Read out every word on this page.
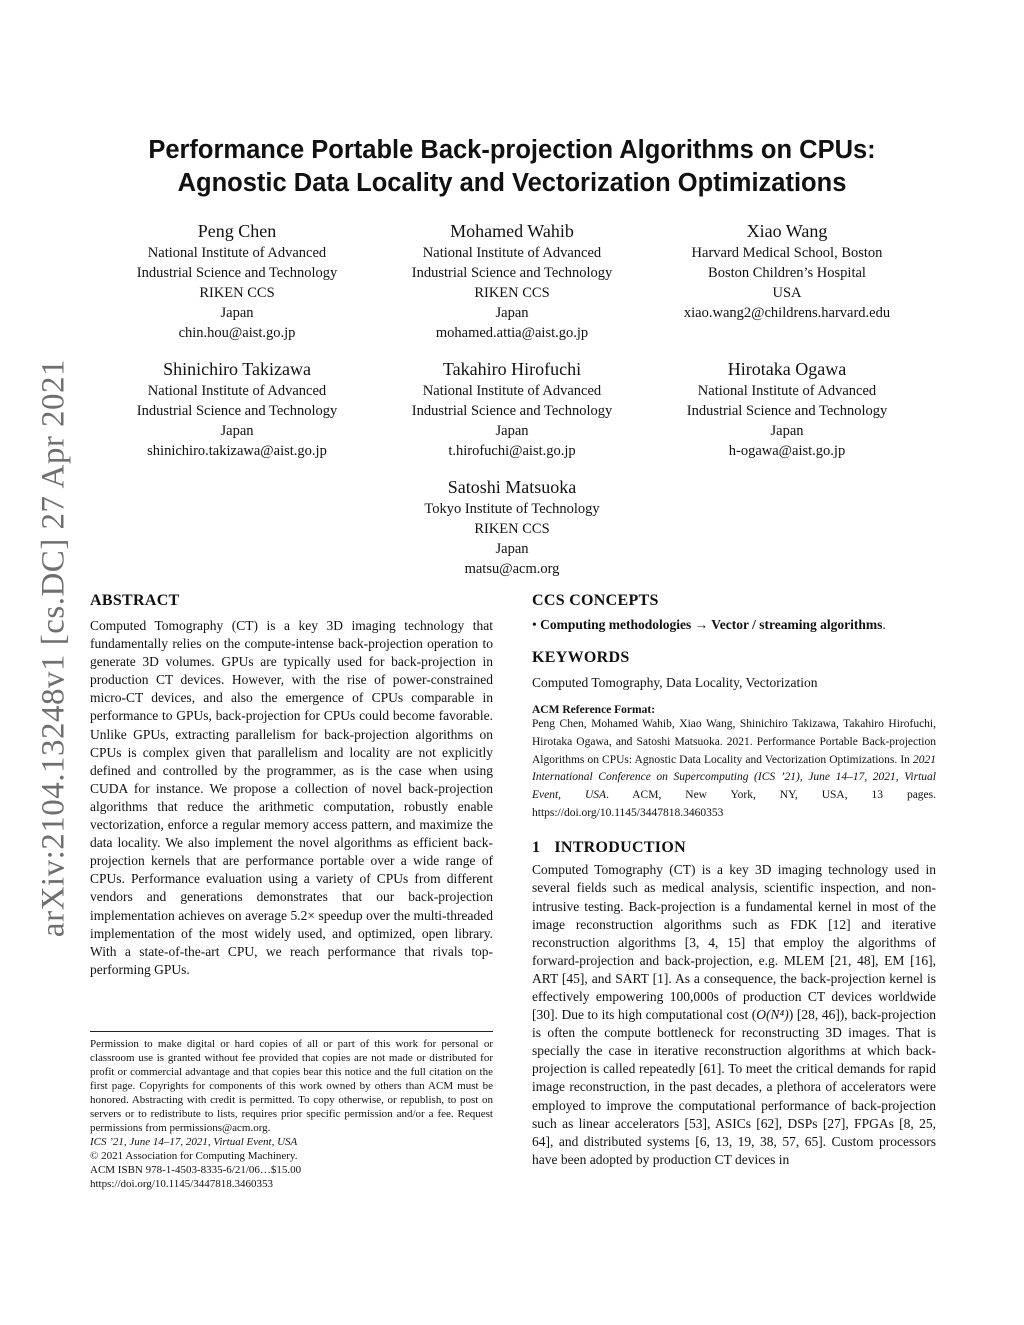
arXiv:2104.13248v1 [cs.DC] 27 Apr 2021
Performance Portable Back-projection Algorithms on CPUs:
Agnostic Data Locality and Vectorization Optimizations
Peng Chen
National Institute of Advanced
Industrial Science and Technology
RIKEN CCS
Japan
chin.hou@aist.go.jp
Mohamed Wahib
National Institute of Advanced
Industrial Science and Technology
RIKEN CCS
Japan
mohamed.attia@aist.go.jp
Xiao Wang
Harvard Medical School, Boston
Boston Children’s Hospital
USA
xiao.wang2@childrens.harvard.edu
Shinichiro Takizawa
National Institute of Advanced
Industrial Science and Technology
Japan
shinichiro.takizawa@aist.go.jp
Takahiro Hirofuchi
National Institute of Advanced
Industrial Science and Technology
Japan
t.hirofuchi@aist.go.jp
Hirotaka Ogawa
National Institute of Advanced
Industrial Science and Technology
Japan
h-ogawa@aist.go.jp
Satoshi Matsuoka
Tokyo Institute of Technology
RIKEN CCS
Japan
matsu@acm.org
ABSTRACT
Computed Tomography (CT) is a key 3D imaging technology that fundamentally relies on the compute-intense back-projection operation to generate 3D volumes. GPUs are typically used for back-projection in production CT devices. However, with the rise of power-constrained micro-CT devices, and also the emergence of CPUs comparable in performance to GPUs, back-projection for CPUs could become favorable. Unlike GPUs, extracting parallelism for back-projection algorithms on CPUs is complex given that parallelism and locality are not explicitly defined and controlled by the programmer, as is the case when using CUDA for instance. We propose a collection of novel back-projection algorithms that reduce the arithmetic computation, robustly enable vectorization, enforce a regular memory access pattern, and maximize the data locality. We also implement the novel algorithms as efficient back-projection kernels that are performance portable over a wide range of CPUs. Performance evaluation using a variety of CPUs from different vendors and generations demonstrates that our back-projection implementation achieves on average 5.2× speedup over the multi-threaded implementation of the most widely used, and optimized, open library. With a state-of-the-art CPU, we reach performance that rivals top-performing GPUs.
Permission to make digital or hard copies of all or part of this work for personal or classroom use is granted without fee provided that copies are not made or distributed for profit or commercial advantage and that copies bear this notice and the full citation on the first page. Copyrights for components of this work owned by others than ACM must be honored. Abstracting with credit is permitted. To copy otherwise, or republish, to post on servers or to redistribute to lists, requires prior specific permission and/or a fee. Request permissions from permissions@acm.org.
ICS ’21, June 14–17, 2021, Virtual Event, USA
© 2021 Association for Computing Machinery.
ACM ISBN 978-1-4503-8335-6/21/06…$15.00
https://doi.org/10.1145/3447818.3460353
CCS CONCEPTS
• Computing methodologies → Vector / streaming algorithms.
KEYWORDS
Computed Tomography, Data Locality, Vectorization
ACM Reference Format:
Peng Chen, Mohamed Wahib, Xiao Wang, Shinichiro Takizawa, Takahiro Hirofuchi, Hirotaka Ogawa, and Satoshi Matsuoka. 2021. Performance Portable Back-projection Algorithms on CPUs: Agnostic Data Locality and Vectorization Optimizations. In 2021 International Conference on Supercomputing (ICS ’21), June 14–17, 2021, Virtual Event, USA. ACM, New York, NY, USA, 13 pages. https://doi.org/10.1145/3447818.3460353
1 INTRODUCTION
Computed Tomography (CT) is a key 3D imaging technology used in several fields such as medical analysis, scientific inspection, and non-intrusive testing. Back-projection is a fundamental kernel in most of the image reconstruction algorithms such as FDK [12] and iterative reconstruction algorithms [3, 4, 15] that employ the algorithms of forward-projection and back-projection, e.g. MLEM [21, 48], EM [16], ART [45], and SART [1]. As a consequence, the back-projection kernel is effectively empowering 100,000s of production CT devices worldwide [30]. Due to its high computational cost (O(N⁴)) [28, 46]), back-projection is often the compute bottleneck for reconstructing 3D images. That is specially the case in iterative reconstruction algorithms at which back-projection is called repeatedly [61]. To meet the critical demands for rapid image reconstruction, in the past decades, a plethora of accelerators were employed to improve the computational performance of back-projection such as linear accelerators [53], ASICs [62], DSPs [27], FPGAs [8, 25, 64], and distributed systems [6, 13, 19, 38, 57, 65]. Custom processors have been adopted by production CT devices in
